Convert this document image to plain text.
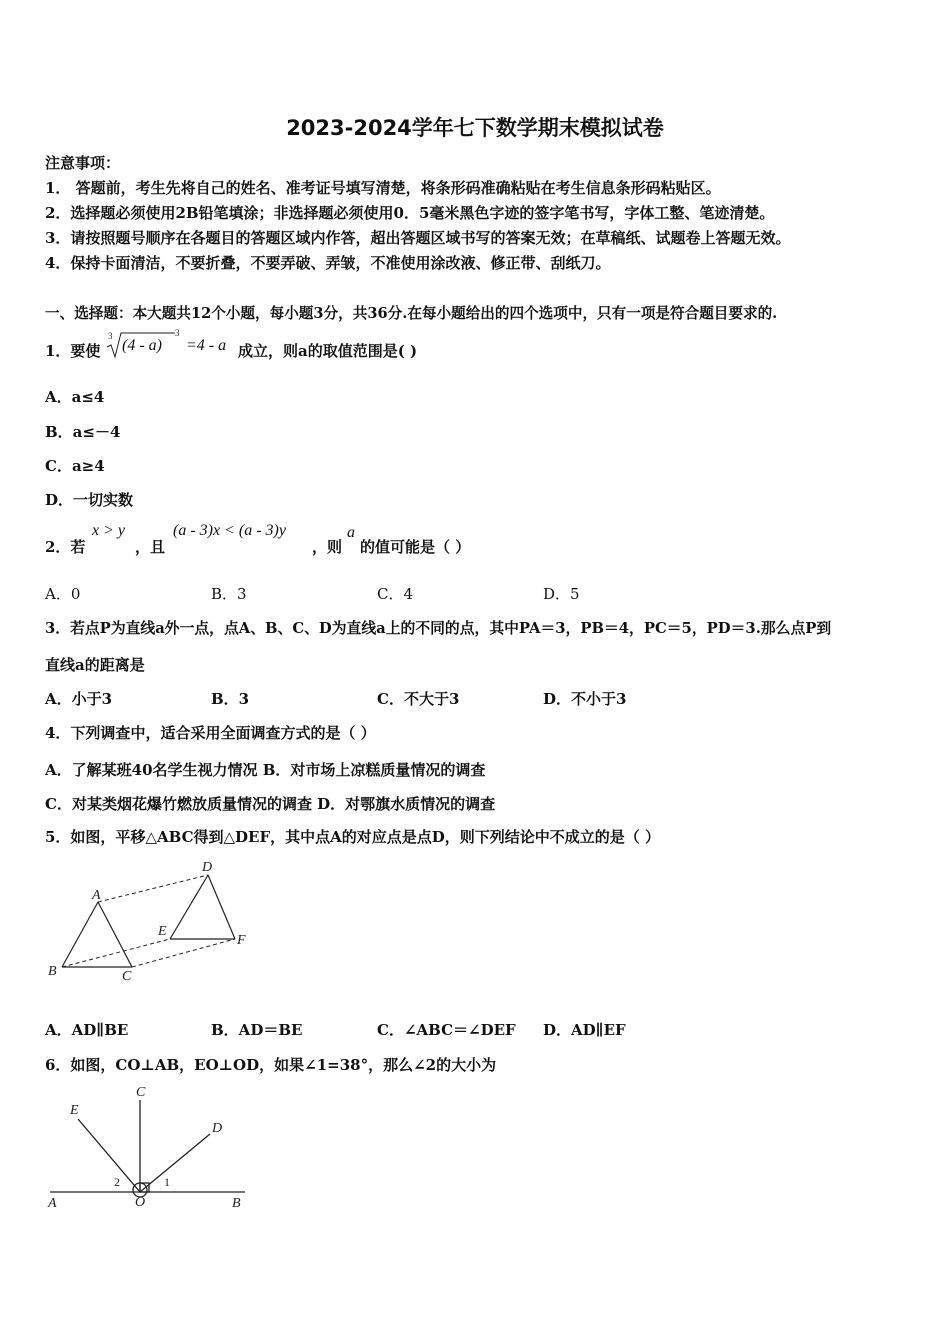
2023-2024学年七下数学期末模拟试卷
注意事项：
1． 答题前，考生先将自己的姓名、准考证号填写清楚，将条形码准确粘贴在考生信息条形码粘贴区。
2．选择题必须使用2B铅笔填涂；非选择题必须使用0．5毫米黑色字迹的签字笔书写，字体工整、笔迹清楚。
3．请按照题号顺序在各题目的答题区域内作答，超出答题区域书写的答案无效；在草稿纸、试题卷上答题无效。
4．保持卡面清洁，不要折叠，不要弄破、弄皱，不准使用涂改液、修正带、刮纸刀。
一、选择题：本大题共12个小题，每小题3分，共36分.在每小题给出的四个选项中，只有一项是符合题目要求的.
1．要使
3	3
(4 - a) =4 - a 成立，则a的取值范围是( )
A．a≤4
B．a≤－4
C．a≥4
D．一切实数
2．若
x > y
，且
(a - 3)x < (a - 3)y
，则
a
的值可能是（ ）
A．0	B．3	C．4	D．5
3．若点P为直线a外一点，点A、B、C、D为直线a上的不同的点，其中PA＝3，PB＝4，PC＝5，PD＝3.那么点P到
直线a的距离是
A．小于3	B．3	C．不大于3	D．不小于3
4．下列调查中，适合采用全面调查方式的是（ ）
A．了解某班40名学生视力情况 B．对市场上凉糕质量情况的调查
C．对某类烟花爆竹燃放质量情况的调查 D．对鄂旗水质情况的调查
5．如图，平移△ABC得到△DEF，其中点A的对应点是点D，则下列结论中不成立的是（ ）
A
B	C
D
E
F
A．AD∥BE	B．AD＝BE	C．∠ABC＝∠DEF D．AD∥EF
6．如图，CO⊥AB，EO⊥OD，如果∠1=38°，那么∠2的大小为
C
E
D
2	1
A	O	B
